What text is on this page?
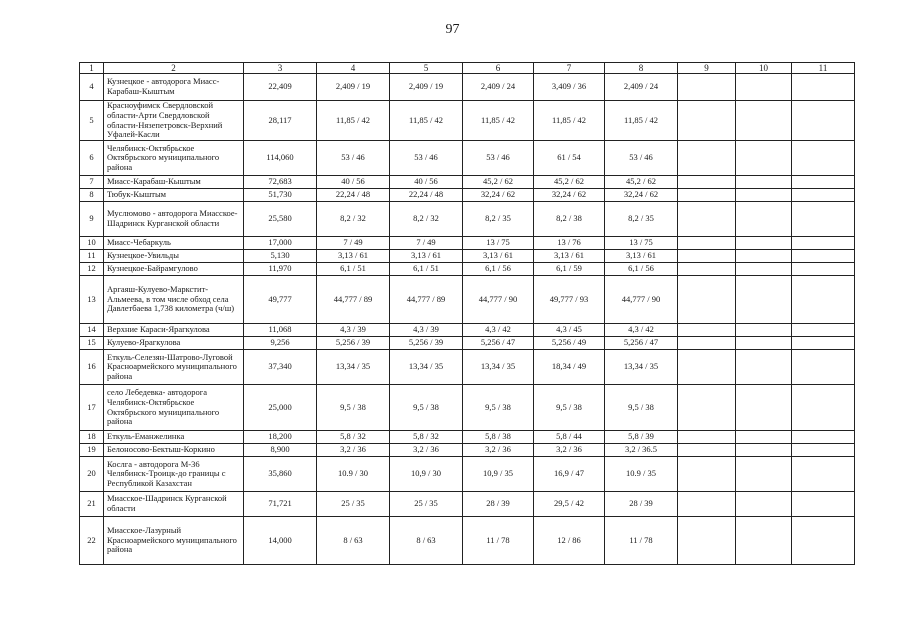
97
1	2	3	4	5	6	7	8	9	10	11
4	Кузнецкое - автодорога Миасс-Карабаш-Кыштым	22,409	2,409 / 19	2,409 / 19	2,409 / 24	3,409 / 36	2,409 / 24			
5	Красноуфимск Свердловской области-Арти Свердловской области-Нязепетровск-Верхний Уфалей-Касли	28,117	11,85 / 42	11,85 / 42	11,85 / 42	11,85 / 42	11,85 / 42			
6	Челябинск-Октябрьское Октябрьского муниципального района	114,060	53 / 46	53 / 46	53 / 46	61 / 54	53 / 46			
7	Миасс-Карабаш-Кыштым	72,683	40 / 56	40 / 56	45,2 / 62	45,2 / 62	45,2 / 62			
8	Тюбук-Кыштым	51,730	22,24 / 48	22,24 / 48	32,24 / 62	32,24 / 62	32,24 / 62			
9	Муслюмово - автодорога Миасское-Шадринск Курганской области	25,580	8,2 / 32	8,2 / 32	8,2 / 35	8,2 / 38	8,2 / 35			
10	Миасс-Чебаркуль	17,000	7 / 49	7 / 49	13 / 75	13 / 76	13 / 75			
11	Кузнецкое-Увильды	5,130	3,13 / 61	3,13 / 61	3,13 / 61	3,13 / 61	3,13 / 61			
12	Кузнецкое-Байрамгулово	11,970	6,1 / 51	6,1 / 51	6,1 / 56	6,1 / 59	6,1 / 56			
13	Аргаяш-Кулуево-Маркстит-Альмеева, в том числе обход села Давлетбаева 1,738 километра (ч/ш)	49,777	44,777 / 89	44,777 / 89	44,777 / 90	49,777 / 93	44,777 / 90			
14	Верхние Караси-Ярагкулова	11,068	4,3 / 39	4,3 / 39	4,3 / 42	4,3 / 45	4,3 / 42			
15	Кулуево-Ярагкулова	9,256	5,256 / 39	5,256 / 39	5,256 / 47	5,256 / 49	5,256 / 47			
16	Еткуль-Селезян-Шатрово-Луговой Красноармейского муниципального района	37,340	13,34 / 35	13,34 / 35	13,34 / 35	18,34 / 49	13,34 / 35			
17	село Лебедевка- автодорога Челябинск-Октябрьское Октябрьского муниципального района	25,000	9,5 / 38	9,5 / 38	9,5 / 38	9,5 / 38	9,5 / 38			
18	Еткуль-Еманжелинка	18,200	5,8 / 32	5,8 / 32	5,8 / 38	5,8 / 44	5,8 / 39			
19	Белоносово-Бектыш-Коркино	8,900	3,2 / 36	3,2 / 36	3,2 / 36	3,2 / 36	3,2 / 36.5			
20	Кослга - автодорога М-36 Челябинск-Троицк-до границы с Республикой Казахстан	35,860	10.9 / 30	10,9 / 30	10,9 / 35	16,9 / 47	10.9 / 35			
21	Миасское-Шадринск Курганской области	71,721	25 / 35	25 / 35	28 / 39	29,5 / 42	28 / 39			
22	Миасское-Лазурный Красноармейского муниципального района	14,000	8 / 63	8 / 63	11 / 78	12 / 86	11 / 78			
